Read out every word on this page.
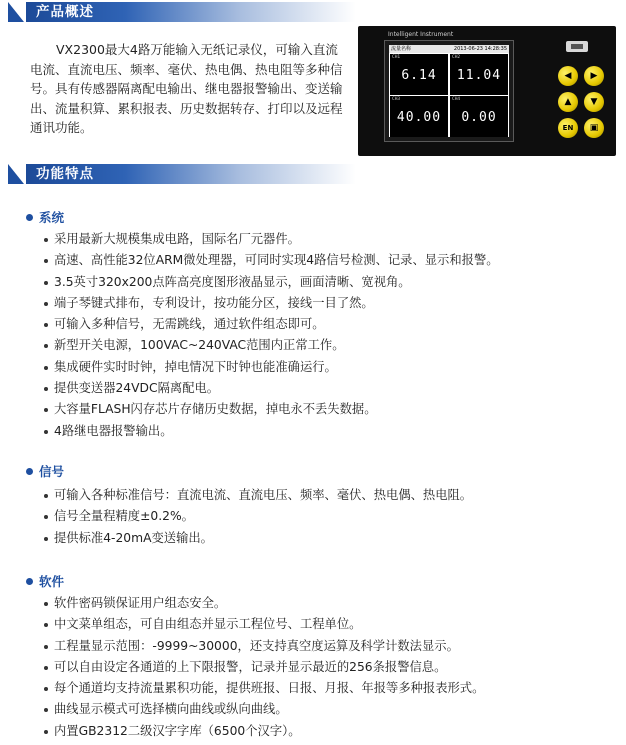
产品概述

VX2300最大4路万能输入无纸记录仪，可输入直流电流、直流电压、频率、毫伏、热电偶、热电阻等多种信号。具有传感器隔离配电输出、继电器报警输出、变送输出、流量积算、累积报表、历史数据转存、打印以及远程通讯功能。

Intelligent Instrument
流量名称	2013-06-23 14:28:35
CH1
6.14
CH2
11.04
CH3
40.00
CH4
0.00
◀	▶
▲	▼
EN	▣
功能特点
系统
采用最新大规模集成电路，国际名厂元器件。
高速、高性能32位ARM微处理器，可同时实现4路信号检测、记录、显示和报警。
3.5英寸320x200点阵高亮度图形液晶显示，画面清晰、宽视角。
端子琴键式排布，专利设计，按功能分区，接线一目了然。
可输入多种信号，无需跳线，通过软件组态即可。
新型开关电源，100VAC~240VAC范围内正常工作。
集成硬件实时时钟，掉电情况下时钟也能准确运行。
提供变送器24VDC隔离配电。
大容量FLASH闪存芯片存储历史数据，掉电永不丢失数据。
4路继电器报警输出。
信号
可输入各种标准信号：直流电流、直流电压、频率、毫伏、热电偶、热电阻。
信号全量程精度±0.2%。
提供标准4-20mA变送输出。
软件
软件密码锁保证用户组态安全。
中文菜单组态，可自由组态并显示工程位号、工程单位。
工程量显示范围：-9999~30000，还支持真空度运算及科学计数法显示。
可以自由设定各通道的上下限报警，记录并显示最近的256条报警信息。
每个通道均支持流量累积功能，提供班报、日报、月报、年报等多种报表形式。
曲线显示模式可选择横向曲线或纵向曲线。
内置GB2312二级汉字字库（6500个汉字）。
